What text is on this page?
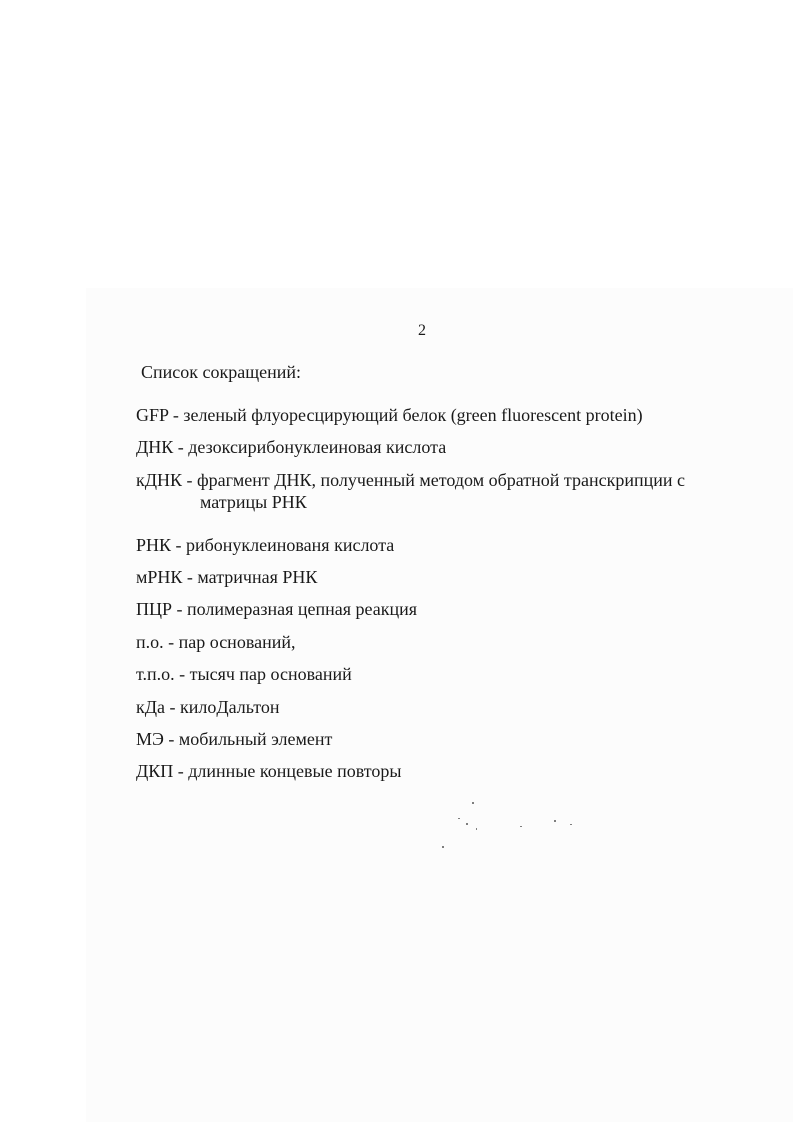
2
Список сокращений:
GFP - зеленый флуоресцирующий белок (green fluorescent protein)
ДНК - дезоксирибонуклеиновая кислота
кДНК - фрагмент ДНК, полученный методом обратной транскрипции с
матрицы РНК
РНК - рибонуклеинованя кислота
мРНК - матричная РНК
ПЦР - полимеразная цепная реакция
п.о. - пар оснований,
т.п.о. - тысяч пар оснований
кДа - килоДальтон
МЭ - мобильный элемент
ДКП - длинные концевые повторы
